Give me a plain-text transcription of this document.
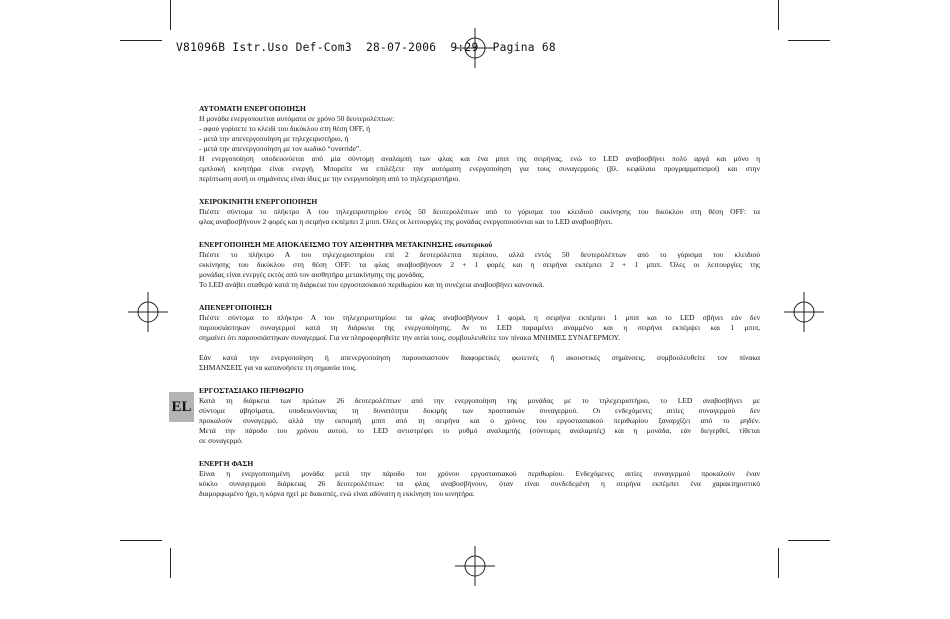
V81096B Istr.Uso Def-Com3  28-07-2006  9:29  Pagina 68
EL
ΑΥΤΟΜΑΤΗ ΕΝΕΡΓΟΠΟΙΗΣΗ
Η μονάδα ενεργοποιείται αυτόματα σε χρόνο 50 δευτερολέπτων:
- αφού γυρίσετε το κλειδί του δικύκλου στη θέση OFF, ή
- μετά την απενεργοποίηση με τηλεχειριστήριο, ή
- μετά την απενεργοποίηση με τον κωδικό “override”.
Η ενεργοποίηση υποδεικνύεται από μία σύντομη αναλαμπή των φλας και ένα μπιπ της σειρήνας, ενώ το LED αναβοσβήνει πολύ αργά και μόνο η
εμπλοκή κινητήρα είναι ενεργή. Μπορείτε να επιλέξετε την αυτόματη ενεργοποίηση για τους συναγερμούς (βλ. κεφάλαιο προγραμματισμοί) και στην
περίπτωση αυτή οι σημάνσεις είναι ίδιες με την ενεργοποίηση από το τηλεχειριστήριο.
ΧΕΙΡΟΚΙΝΗΤΗ ΕΝΕΡΓΟΠΟΙΗΣΗ
Πιέστε σύντομα το πλήκτρο A του τηλεχειριστηρίου εντός 50 δευτερολέπτων από το γύρισμα του κλειδιού εκκίνησης του δικύκλου στη θέση OFF: τα
φλας αναβοσβήνουν 2 φορές και η σειρήνα εκπέμπει 2 μπιπ. Όλες οι λειτουργίες της μονάδας ενεργοποιούνται και το LED αναβοσβήνει.
ΕΝΕΡΓΟΠΟΙΗΣΗ ΜΕ ΑΠΟΚΛΕΙΣΜΟ ΤΟΥ ΑΙΣΘΗΤΗΡΑ ΜΕΤΑΚΙΝΗΣΗΣ εσωτερικού
Πιέστε το πλήκτρο A του τηλεχειριστηρίου επί 2 δευτερόλεπτα περίπου, αλλά εντός 50 δευτερολέπτων από το γύρισμα του κλειδιού
εκκίνησης του δικύκλου στη θέση OFF: τα φλας αναβοσβήνουν 2 + 1 φορές και η σειρήνα εκπέμπει 2 + 1 μπιπ. Όλες οι λειτουργίες της
μονάδας είναι ενεργές εκτός από τον αισθητήρα μετακίνησης της μονάδας.
Το LED ανάβει σταθερά κατά τη διάρκεια του εργοστασιακού περιθωρίου και τη συνέχεια αναβοσβήνει κανονικά.
ΑΠΕΝΕΡΓΟΠΟΙΗΣΗ
Πιέστε σύντομα το πλήκτρο A του τηλεχειριστηρίου: τα φλας αναβοσβήνουν 1 φορά, η σειρήνα εκπέμπει 1 μπιπ και το LED σβήνει εάν δεν
παρουσιάστηκαν συναγερμοί κατά τη διάρκεια της ενεργοποίησης. Αν το LED παραμένει αναμμένο και η σειρήνα εκπέμψει και 1 μπιπ,
σημαίνει ότι παρουσιάστηκαν συναγερμοί. Για να πληροφορηθείτε την αιτία τους, συμβουλευθείτε τον πίνακα ΜΝΗΜΕΣ ΣΥΝΑΓΕΡΜΟΥ.
Εάν κατά την ενεργοποίηση ή απενεργοποίηση παρουσιαστούν διαφορετικές φωτεινές ή ακουστικές σημάνσεις, συμβουλευθείτε τον πίνακα
ΣΗΜΑΝΣΕΙΣ για να κατανοήσετε τη σημασία τους.
ΕΡΓΟΣΤΑΣΙΑΚΟ ΠΕΡΙΘΩΡΙΟ
Κατά τη διάρκεια των πρώτων 26 δευτερολέπτων από την ενεργοποίηση της μονάδας με το τηλεχειριστήριο, το LED αναβοσβήνει με
σύντομα αβησίματα, υποδεικνύοντας τη δυνατότητα δοκιμής των προστασιών συναγερμού. Οι ενδεχόμενες αιτίες συναγερμού δεν
προκαλούν συναγερμό, αλλά την εκπομπή μπιπ από τη σειρήνα και ο χρόνος του εργοστασιακού περιθωρίου ξαναρχίζει από το μηδέν.
Μετά την πάροδο του χρόνου αυτού, το LED αντιστρέφει το ρυθμό αναλαμπής (σύντομες αναλαμπές) και η μονάδα, εάν διεγερθεί, τίθεται
σε συναγερμό.
ΕΝΕΡΓΗ ΦΑΣΗ
Είναι η ενεργοποιημένη μονάδα μετά την πάροδο του χρόνου εργοστασιακού περιθωρίου. Ενδεχόμενες αιτίες συναγερμού προκαλούν έναν
κύκλο συναγερμού διάρκειας 26 δευτερολέπτων: τα φλας αναβοσβήνουν, όταν είναι συνδεδεμένη η σειρήνα εκπέμπει ένα χαρακτηριστικό
διαμορφωμένο ήχο, η κόρνα ηχεί με διακοπές, ενώ είναι αδύνατη η εκκίνηση του κινητήρα.
